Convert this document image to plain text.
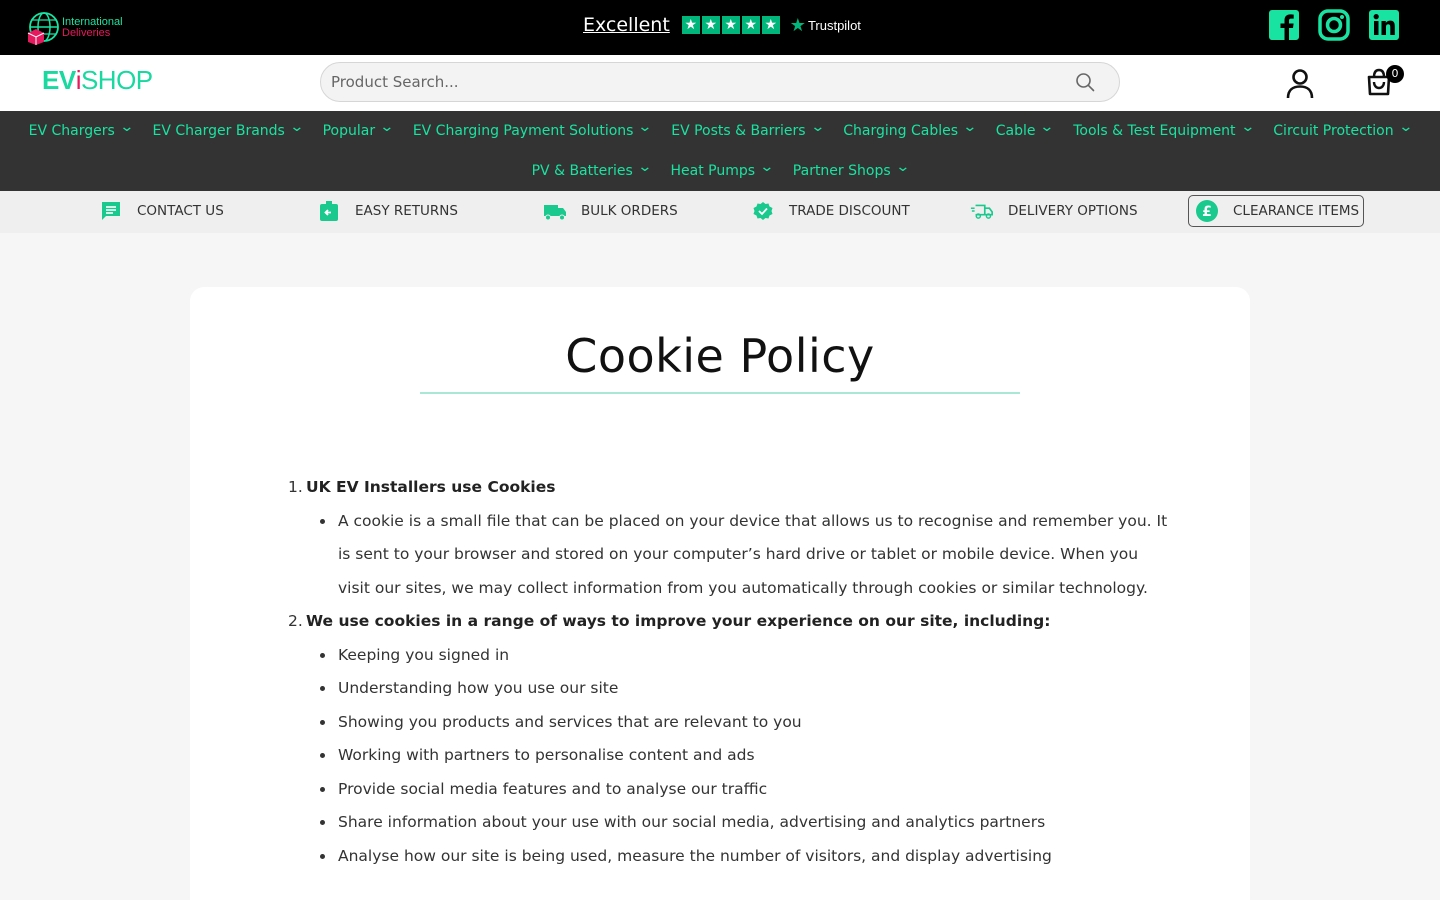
International
Deliveries	Excellent ★ ★ ★ ★ ★ ★ Trustpilot
EViSHOP
Product Search...	0
EV Chargers ⌄ EV Charger Brands ⌄ Popular ⌄ EV Charging Payment Solutions ⌄ EV Posts & Barriers ⌄ Charging Cables ⌄ Cable ⌄ Tools & Test Equipment ⌄ Circuit Protection ⌄
PV & Batteries ⌄ Heat Pumps ⌄ Partner Shops ⌄
CONTACT US	EASY RETURNS	BULK ORDERS	TRADE DISCOUNT	DELIVERY OPTIONS	£ CLEARANCE ITEMS
Cookie Policy
1. UK EV Installers use Cookies
A cookie is a small file that can be placed on your device that allows us to recognise and remember you. It is sent to your browser and stored on your computer’s hard drive or tablet or mobile device. When you visit our sites, we may collect information from you automatically through cookies or similar technology.
2. We use cookies in a range of ways to improve your experience on our site, including:
Keeping you signed in
Understanding how you use our site
Showing you products and services that are relevant to you
Working with partners to personalise content and ads
Provide social media features and to analyse our traffic
Share information about your use with our social media, advertising and analytics partners
Analyse how our site is being used, measure the number of visitors, and display advertising
